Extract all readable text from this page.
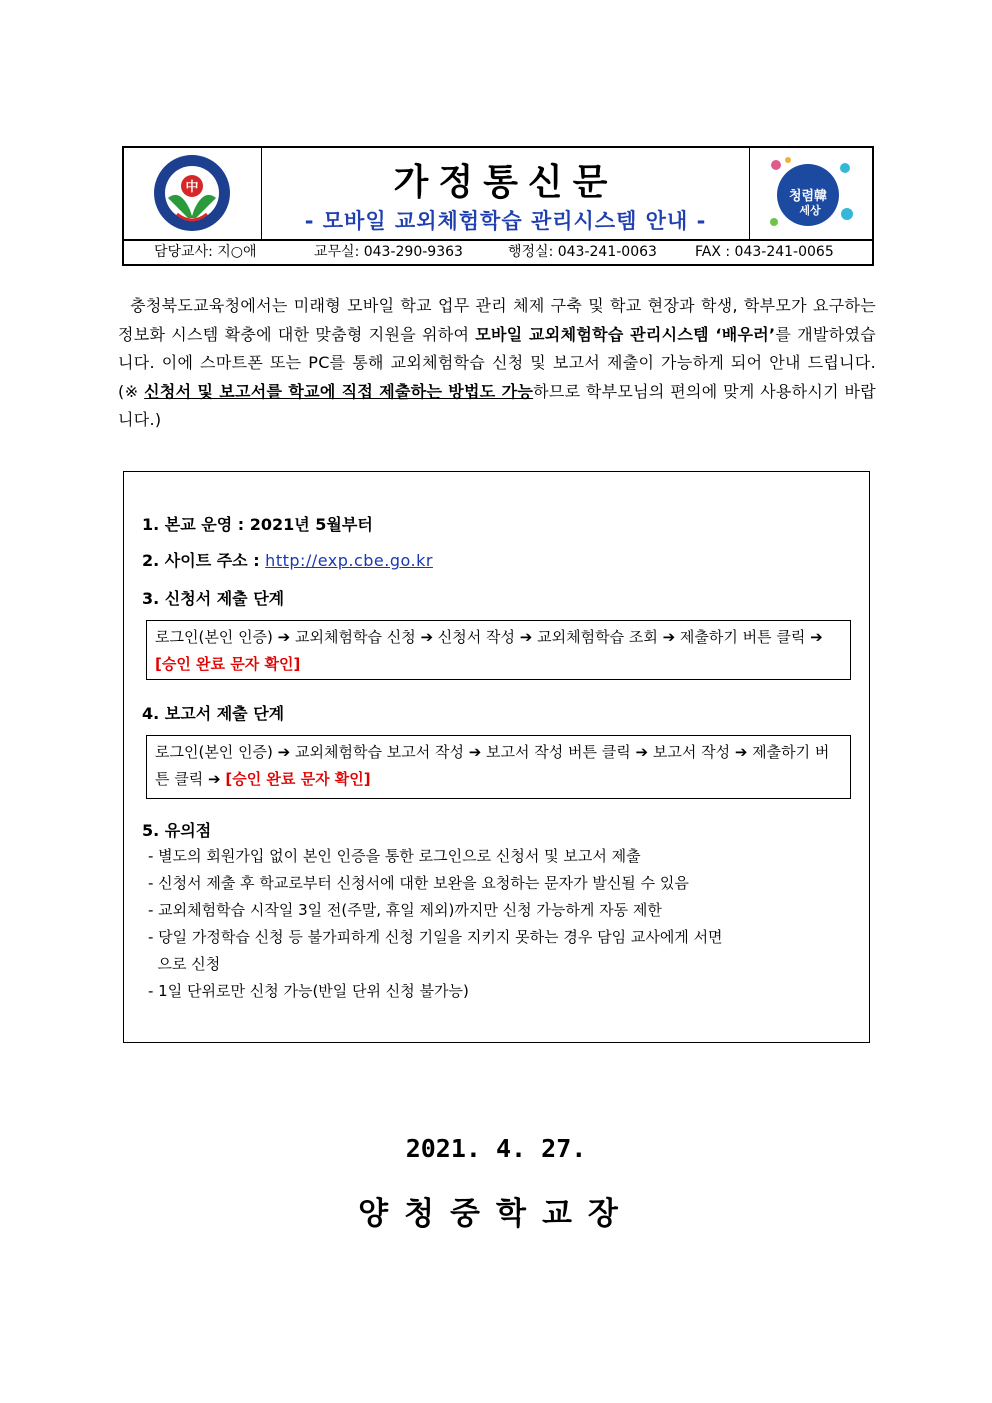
中	가정통신문
- 모바일 교외체험학습 관리시스템 안내 -
청렴韓
세상
담당교사: 지○애	교무실: 043-290-9363	행정실: 043-241-0063	FAX : 043-241-0065
충청북도교육청에서는 미래형 모바일 학교 업무 관리 체제 구축 및 학교 현장과 학생, 학부모가 요구하는 정보화 시스템 확충에 대한 맞춤형 지원을 위하여 모바일 교외체험학습 관리시스템 ‘배우러’를 개발하였습니다. 이에 스마트폰 또는 PC를 통해 교외체험학습 신청 및 보고서 제출이 가능하게 되어 안내 드립니다. (※ 신청서 및 보고서를 학교에 직접 제출하는 방법도 가능하므로 학부모님의 편의에 맞게 사용하시기 바랍니다.)
1. 본교 운영 : 2021년 5월부터
2. 사이트 주소 : http://exp.cbe.go.kr
3. 신청서 제출 단계
로그인(본인 인증) ➔ 교외체험학습 신청 ➔ 신청서 작성 ➔ 교외체험학습 조회 ➔ 제출하기 버튼 클릭 ➔ [승인 완료 문자 확인]
4. 보고서 제출 단계
로그인(본인 인증) ➔ 교외체험학습 보고서 작성 ➔ 보고서 작성 버튼 클릭 ➔ 보고서 작성 ➔ 제출하기 버튼 클릭 ➔ [승인 완료 문자 확인]
5. 유의점
- 별도의 회원가입 없이 본인 인증을 통한 로그인으로 신청서 및 보고서 제출
- 신청서 제출 후 학교로부터 신청서에 대한 보완을 요청하는 문자가 발신될 수 있음
- 교외체험학습 시작일 3일 전(주말, 휴일 제외)까지만 신청 가능하게 자동 제한
- 당일 가정학습 신청 등 불가피하게 신청 기일을 지키지 못하는 경우 담임 교사에게 서면
으로 신청
- 1일 단위로만 신청 가능(반일 단위 신청 불가능)
2021. 4. 27.
양청중학교장
